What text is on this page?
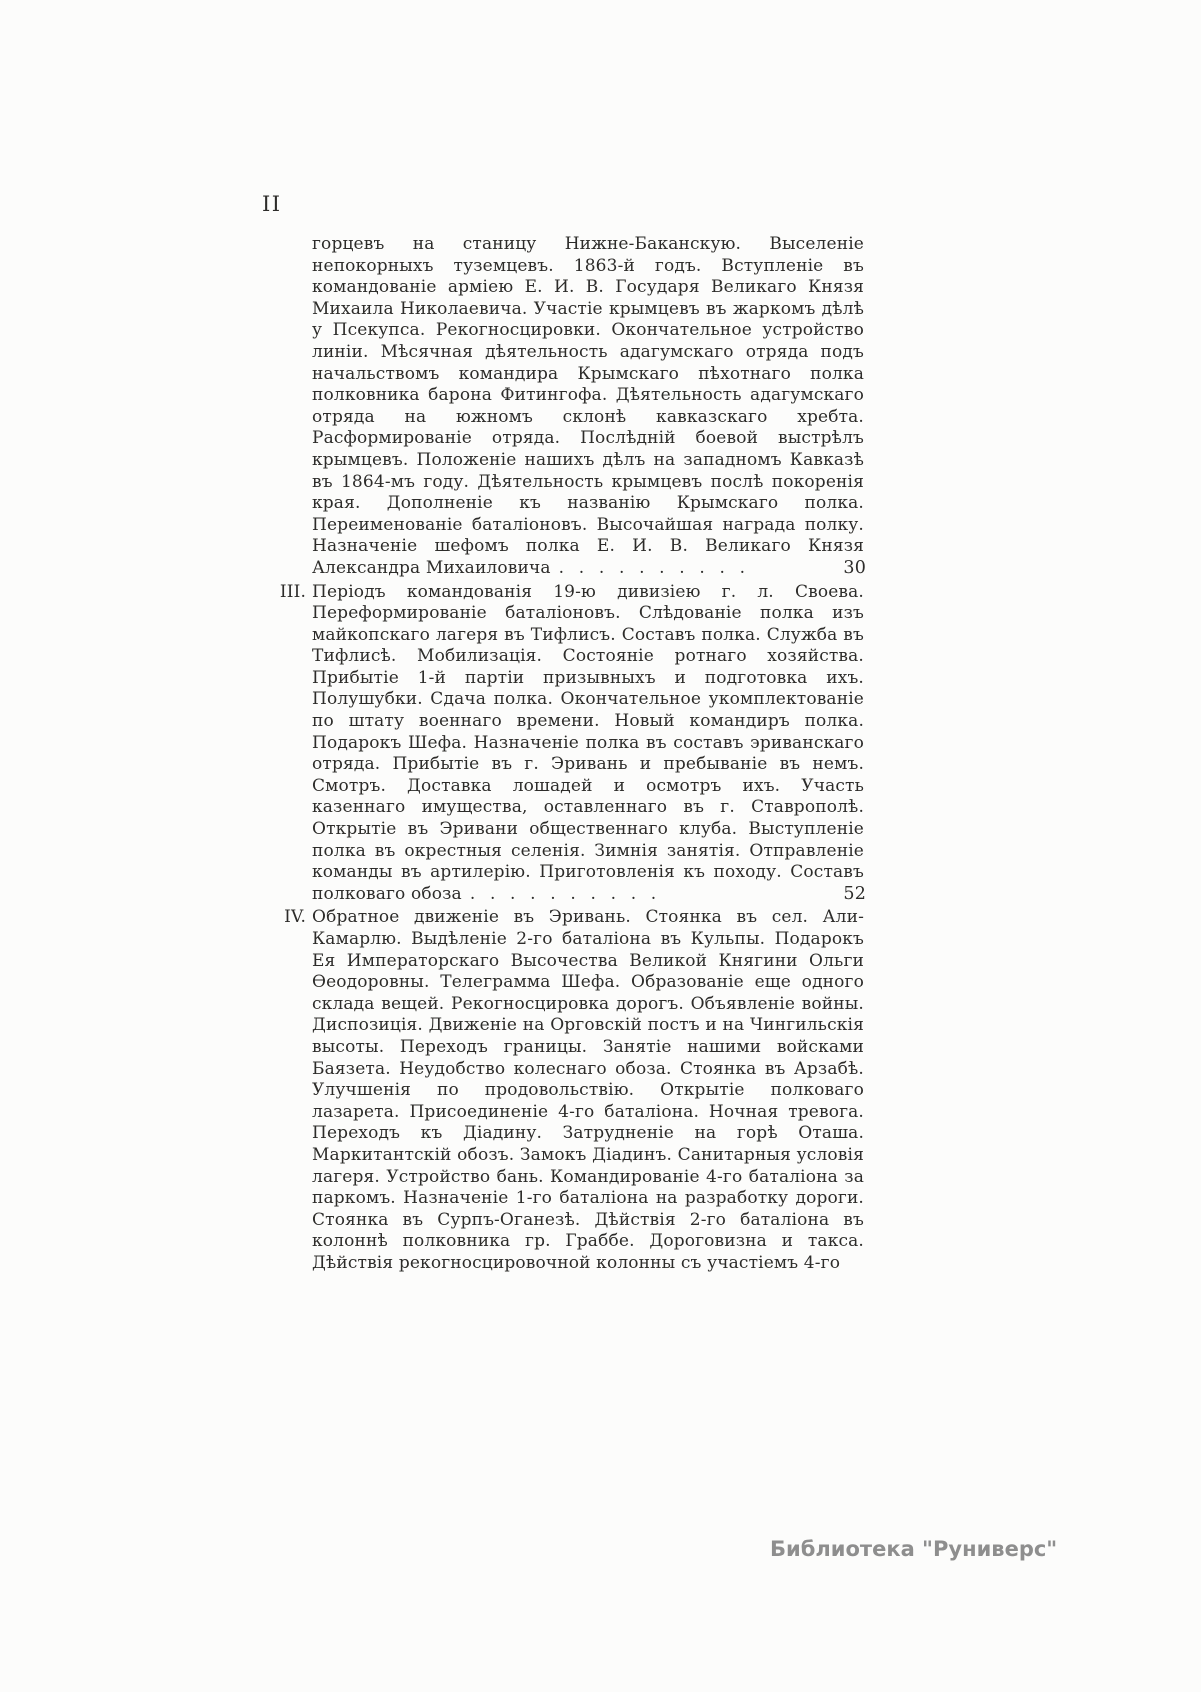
II
горцевъ на станицу Нижне-Баканскую. Выселеніе непокорныхъ туземцевъ. 1863-й годъ. Вступленіе въ командованіе арміею Е. И. В. Государя Великаго Князя Михаила Николаевича. Участіе крымцевъ въ жаркомъ дѣлѣ у Псекупса. Рекогносцировки. Окончательное устройство линіи. Мѣсячная дѣятельность адагумскаго отряда подъ начальствомъ командира Крымскаго пѣхотнаго полка полковника барона Фитингофа. Дѣятельность адагумскаго отряда на южномъ склонѣ кавказскаго хребта. Расформированіе отряда. Послѣдній боевой выстрѣлъ крымцевъ. Положеніе нашихъ дѣлъ на западномъ Кавказѣ въ 1864-мъ году. Дѣятельность крымцевъ послѣ покоренія края. Дополненіе къ названію Крымскаго полка. Переименованіе баталіоновъ. Высочайшая награда полку. Назначеніе шефомъ полка Е. И. В. Великаго Князя Александра Михаиловича . . . . . . . . . .	30
III. Періодъ командованія 19-ю дивизіею г. л. Своева. Переформированіе баталіоновъ. Слѣдованіе полка изъ майкопскаго лагеря въ Тифлисъ. Составъ полка. Служба въ Тифлисѣ. Мобилизація. Состояніе ротнаго хозяйства. Прибытіе 1-й партіи призывныхъ и подготовка ихъ. Полушубки. Сдача полка. Окончательное укомплектованіе по штату военнаго времени. Новый командиръ полка. Подарокъ Шефа. Назначеніе полка въ составъ эриванскаго отряда. Прибытіе въ г. Эривань и пребываніе въ немъ. Смотръ. Доставка лошадей и осмотръ ихъ. Участь казеннаго имущества, оставленнаго въ г. Ставрополѣ. Открытіе въ Эривани общественнаго клуба. Выступленіе полка въ окрестныя селенія. Зимнія занятія. Отправленіе команды въ артилерію. Приготовленія къ походу. Составъ полковаго обоза . . . . . . . . . .	52
IV. Обратное движеніе въ Эривань. Стоянка въ сел. Али-Камарлю. Выдѣленіе 2-го баталіона въ Кульпы. Подарокъ Ея Императорскаго Высочества Великой Княгини Ольги Ѳеодоровны. Телеграмма Шефа. Образованіе еще одного склада вещей. Рекогносцировка дорогъ. Объявленіе войны. Диспозиція. Движеніе на Орговскій постъ и на Чингильскія высоты. Переходъ границы. Занятіе нашими войсками Баязета. Неудобство колеснаго обоза. Стоянка въ Арзабѣ. Улучшенія по продовольствію. Открытіе полковаго лазарета. Присоединеніе 4-го баталіона. Ночная тревога. Переходъ къ Діадину. Затрудненіе на горѣ Оташа. Маркитантскій обозъ. Замокъ Діадинъ. Санитарныя условія лагеря. Устройство бань. Командированіе 4-го баталіона за паркомъ. Назначеніе 1-го баталіона на разработку дороги. Стоянка въ Сурпъ-Оганезѣ. Дѣйствія 2-го баталіона въ колоннѣ полковника гр. Граббе. Дороговизна и такса. Дѣйствія рекогносцировочной колонны съ участіемъ 4-го
Библиотека "Руниверс"
